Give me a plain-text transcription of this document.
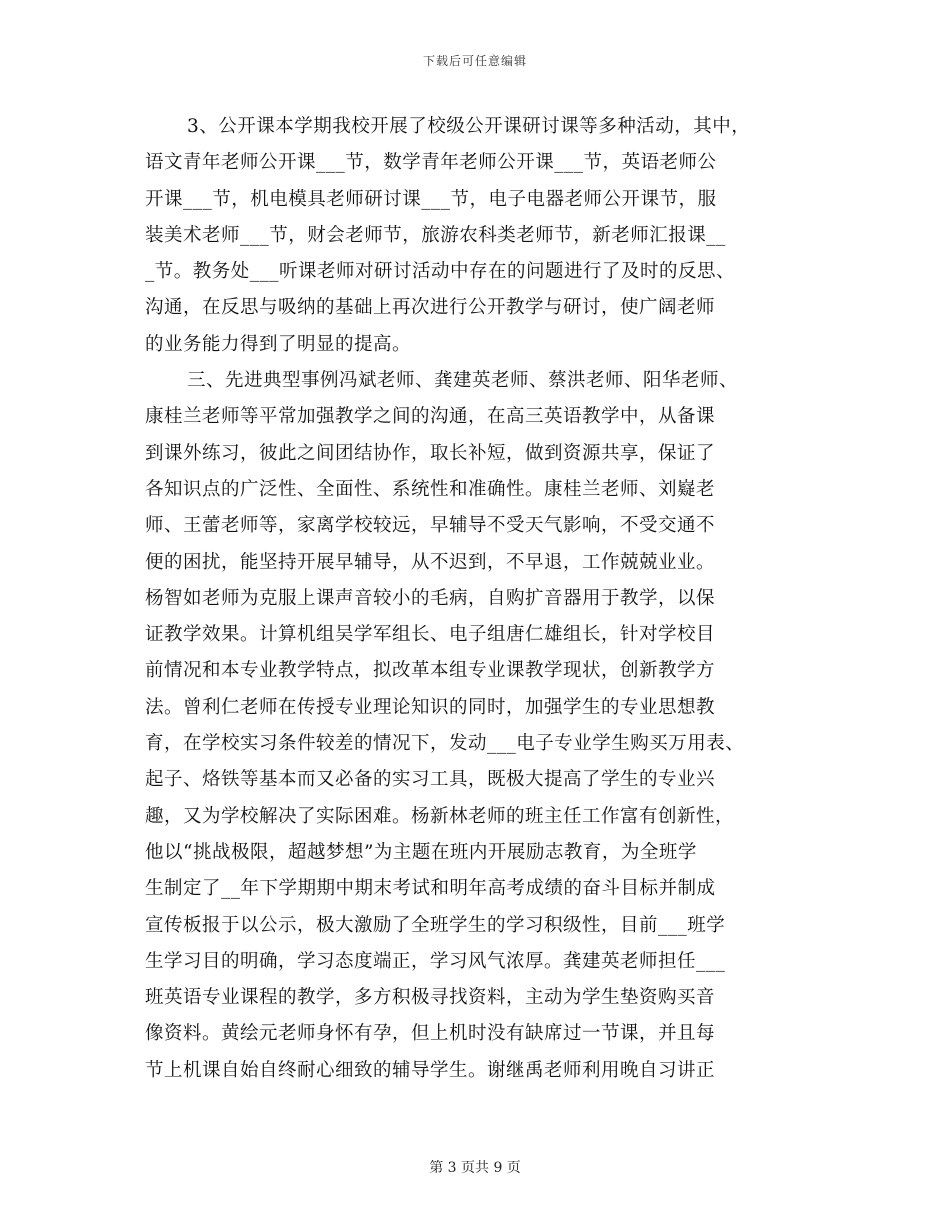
下载后可任意编辑
3、公开课本学期我校开展了校级公开课研讨课等多种活动，其中，
语文青年老师公开课___节，数学青年老师公开课___节，英语老师公
开课___节，机电模具老师研讨课___节，电子电器老师公开课节，服
装美术老师___节，财会老师节，旅游农科类老师节，新老师汇报课__
_节。教务处___听课老师对研讨活动中存在的问题进行了及时的反思、
沟通，在反思与吸纳的基础上再次进行公开教学与研讨，使广阔老师
的业务能力得到了明显的提高。
三、先进典型事例冯斌老师、龚建英老师、蔡洪老师、阳华老师、
康桂兰老师等平常加强教学之间的沟通，在高三英语教学中，从备课
到课外练习，彼此之间团结协作，取长补短，做到资源共享，保证了
各知识点的广泛性、全面性、系统性和准确性。康桂兰老师、刘嶷老
师、王蕾老师等，家离学校较远，早辅导不受天气影响，不受交通不
便的困扰，能坚持开展早辅导，从不迟到，不早退，工作兢兢业业。
杨智如老师为克服上课声音较小的毛病，自购扩音器用于教学，以保
证教学效果。计算机组吴学军组长、电子组唐仁雄组长，针对学校目
前情况和本专业教学特点，拟改革本组专业课教学现状，创新教学方
法。曾利仁老师在传授专业理论知识的同时，加强学生的专业思想教
育，在学校实习条件较差的情况下，发动___电子专业学生购买万用表、
起子、烙铁等基本而又必备的实习工具，既极大提高了学生的专业兴
趣，又为学校解决了实际困难。杨新林老师的班主任工作富有创新性，
他以“挑战极限，超越梦想”为主题在班内开展励志教育，为全班学
生制定了__年下学期期中期末考试和明年高考成绩的奋斗目标并制成
宣传板报于以公示，极大激励了全班学生的学习积级性，目前___班学
生学习目的明确，学习态度端正，学习风气浓厚。龚建英老师担任___
班英语专业课程的教学，多方积极寻找资料，主动为学生垫资购买音
像资料。黄绘元老师身怀有孕，但上机时没有缺席过一节课，并且每
节上机课自始自终耐心细致的辅导学生。谢继禹老师利用晚自习讲正
第 3 页共 9 页
